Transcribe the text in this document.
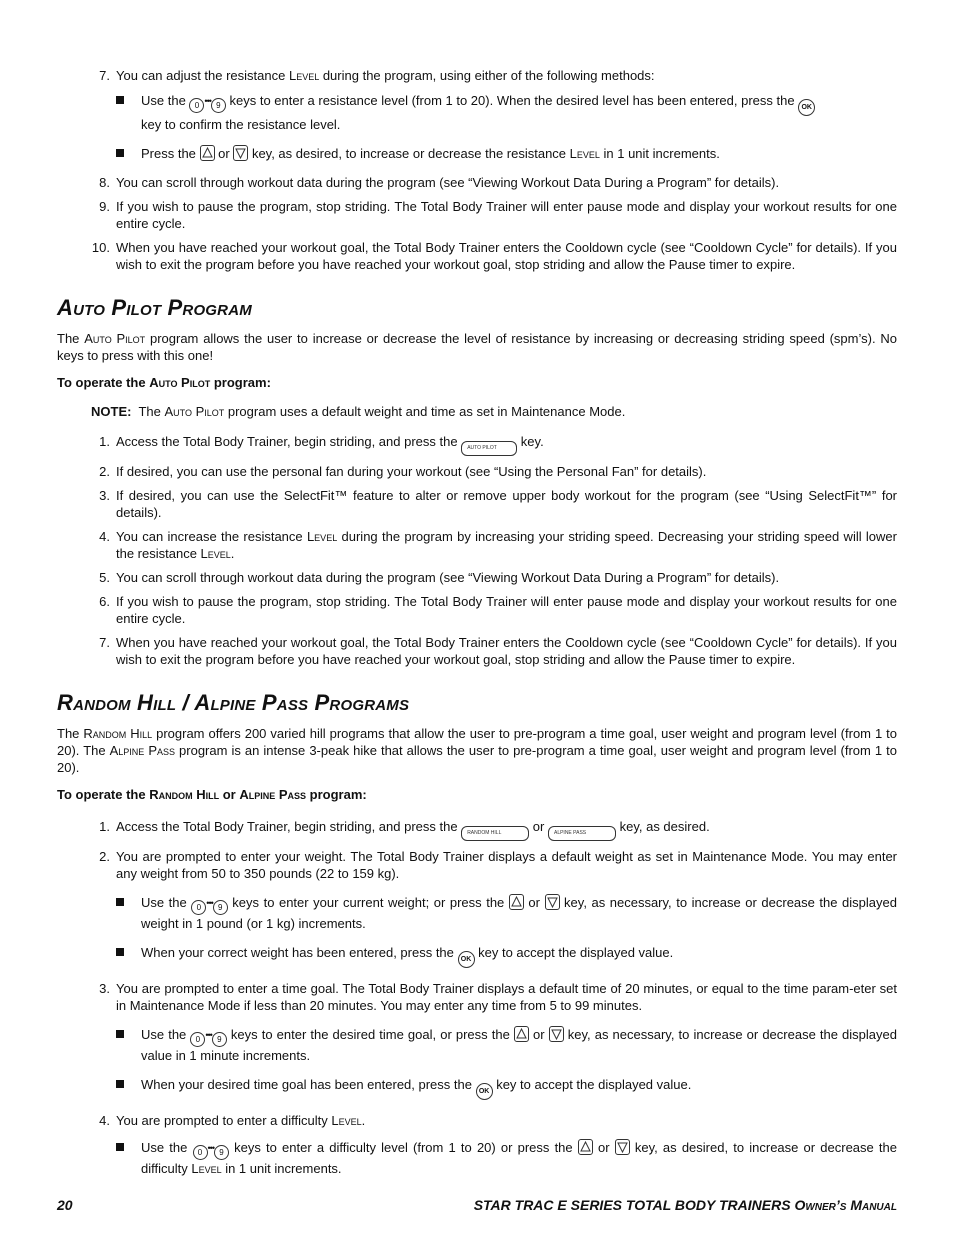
7. You can adjust the resistance Level during the program, using either of the following methods:
Use the 0 ••• 9 keys to enter a resistance level (from 1 to 20). When the desired level has been entered, press the OK
key to confirm the resistance level.
Press the
or
key, as desired, to increase or decrease the resistance Level in 1 unit increments.
8. You can scroll through workout data during the program (see “Viewing Workout Data During a Program” for details).
9. If you wish to pause the program, stop striding. The Total Body Trainer will enter pause mode and display your workout results for one entire cycle.
10. When you have reached your workout goal, the Total Body Trainer enters the Cooldown cycle (see “Cooldown Cycle” for details). If you wish to exit the program before you have reached your workout goal, stop striding and allow the Pause timer to expire.
Auto Pilot Program

The Auto Pilot program allows the user to increase or decrease the level of resistance by increasing or decreasing striding speed (spm’s). No keys to press with this one!

To operate the Auto Pilot program:

NOTE:  The Auto Pilot program uses a default weight and time as set in Maintenance Mode.

1. Access the Total Body Trainer, begin striding, and press the AUTO PILOT key.
2. If desired, you can use the personal fan during your workout (see “Using the Personal Fan” for details).
3. If desired, you can use the SelectFit™ feature to alter or remove upper body workout for the program (see “Using SelectFit™” for details).
4. You can increase the resistance Level during the program by increasing your striding speed. Decreasing your striding speed will lower the resistance Level.
5. You can scroll through workout data during the program (see “Viewing Workout Data During a Program” for details).
6. If you wish to pause the program, stop striding. The Total Body Trainer will enter pause mode and display your workout results for one entire cycle.
7. When you have reached your workout goal, the Total Body Trainer enters the Cooldown cycle (see “Cooldown Cycle” for details). If you wish to exit the program before you have reached your workout goal, stop striding and allow the Pause timer to expire.
Random Hill / Alpine Pass Programs

The Random Hill program offers 200 varied hill programs that allow the user to pre-program a time goal, user weight and program level (from 1 to 20). The Alpine Pass program is an intense 3-peak hike that allows the user to pre-program a time goal, user weight and program level (from 1 to 20).

To operate the Random Hill or Alpine Pass program:

1. Access the Total Body Trainer, begin striding, and press the RANDOM HILL or ALPINE PASS key, as desired.
2. You are prompted to enter your weight. The Total Body Trainer displays a default weight as set in Maintenance Mode. You may enter any weight from 50 to 350 pounds (22 to 159 kg).
Use the 0 ••• 9 keys to enter your current weight; or press the
or
key, as necessary, to increase or decrease the displayed weight in 1 pound (or 1 kg) increments.
When your correct weight has been entered, press the OK key to accept the displayed value.
3. You are prompted to enter a time goal. The Total Body Trainer displays a default time of 20 minutes, or equal to the time param-eter set in Maintenance Mode if less than 20 minutes. You may enter any time from 5 to 99 minutes.
Use the 0 ••• 9 keys to enter the desired time goal, or press the
or
key, as necessary, to increase or decrease the displayed value in 1 minute increments.
When your desired time goal has been entered, press the OK key to accept the displayed value.
4. You are prompted to enter a difficulty Level.
Use the 0 ••• 9 keys to enter a difficulty level (from 1 to 20) or press the
or
key, as desired, to increase or decrease the difficulty Level in 1 unit increments.
20	STAR TRAC E SERIES TOTAL BODY TRAINERS Owner’s Manual
